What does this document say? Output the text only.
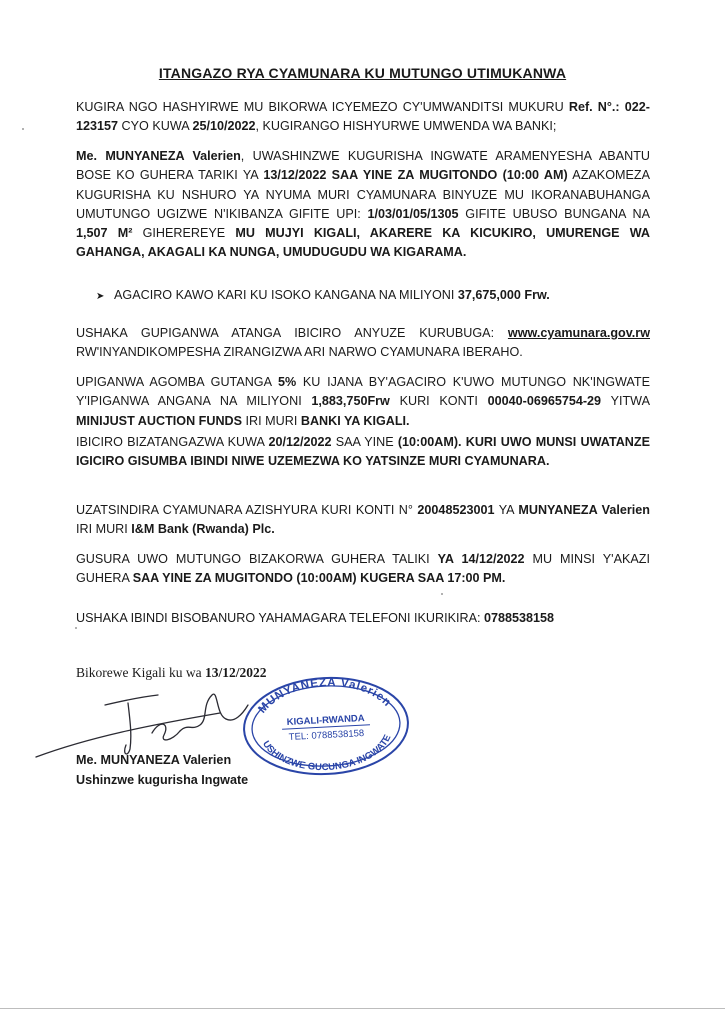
ITANGAZO RYA CYAMUNARA KU MUTUNGO UTIMUKANWA

KUGIRA NGO HASHYIRWE MU BIKORWA ICYEMEZO CY'UMWANDITSI MUKURU Ref. N°.: 022-123157 CYO KUWA 25/10/2022, KUGIRANGO HISHYURWE UMWENDA WA BANKI;

Me. MUNYANEZA Valerien, UWASHINZWE KUGURISHA INGWATE ARAMENYESHA ABANTU BOSE KO GUHERA TARIKI YA 13/12/2022 SAA YINE ZA MUGITONDO (10:00 AM) AZAKOMEZA KUGURISHA KU NSHURO YA NYUMA MURI CYAMUNARA BINYUZE MU IKORANABUHANGA UMUTUNGO UGIZWE N'IKIBANZA GIFITE UPI: 1/03/01/05/1305 GIFITE UBUSO BUNGANA NA 1,507 M² GIHEREREYE MU MUJYI KIGALI, AKARERE KA KICUKIRO, UMURENGE WA GAHANGA, AKAGALI KA NUNGA, UMUDUGUDU WA KIGARAMA.

➤ AGACIRO KAWO KARI KU ISOKO KANGANA NA MILIYONI 37,675,000 Frw.

USHAKA GUPIGANWA ATANGA IBICIRO ANYUZE KURUBUGA: www.cyamunara.gov.rw RW'INYANDIKOMPESHA ZIRANGIZWA ARI NARWO CYAMUNARA IBERAHO.

UPIGANWA AGOMBA GUTANGA 5% KU IJANA BY'AGACIRO K'UWO MUTUNGO NK'INGWATE Y'IPIGANWA ANGANA NA MILIYONI 1,883,750Frw KURI KONTI 00040-06965754-29 YITWA MINIJUST AUCTION FUNDS IRI MURI BANKI YA KIGALI.

IBICIRO BIZATANGAZWA KUWA 20/12/2022 SAA YINE (10:00AM). KURI UWO MUNSI UWATANZE IGICIRO GISUMBA IBINDI NIWE UZEMEZWA KO YATSINZE MURI CYAMUNARA.

UZATSINDIRA CYAMUNARA AZISHYURA KURI KONTI N° 20048523001 YA MUNYANEZA Valerien IRI MURI I&M Bank (Rwanda) Plc.

GUSURA UWO MUTUNGO BIZAKORWA GUHERA TALIKI YA 14/12/2022 MU MINSI Y'AKAZI GUHERA SAA YINE ZA MUGITONDO (10:00AM) KUGERA SAA 17:00 PM.

USHAKA IBINDI BISOBANURO YAHAMAGARA TELEFONI IKURIKIRA: 0788538158

Bikorewe Kigali ku wa 13/12/2022
MUNYANEZA Valerien
KIGALI-RWANDA
TEL: 0788538158
USHINZWE GUCUNGA INGWATE
Me. MUNYANEZA Valerien
Ushinzwe kugurisha Ingwate
